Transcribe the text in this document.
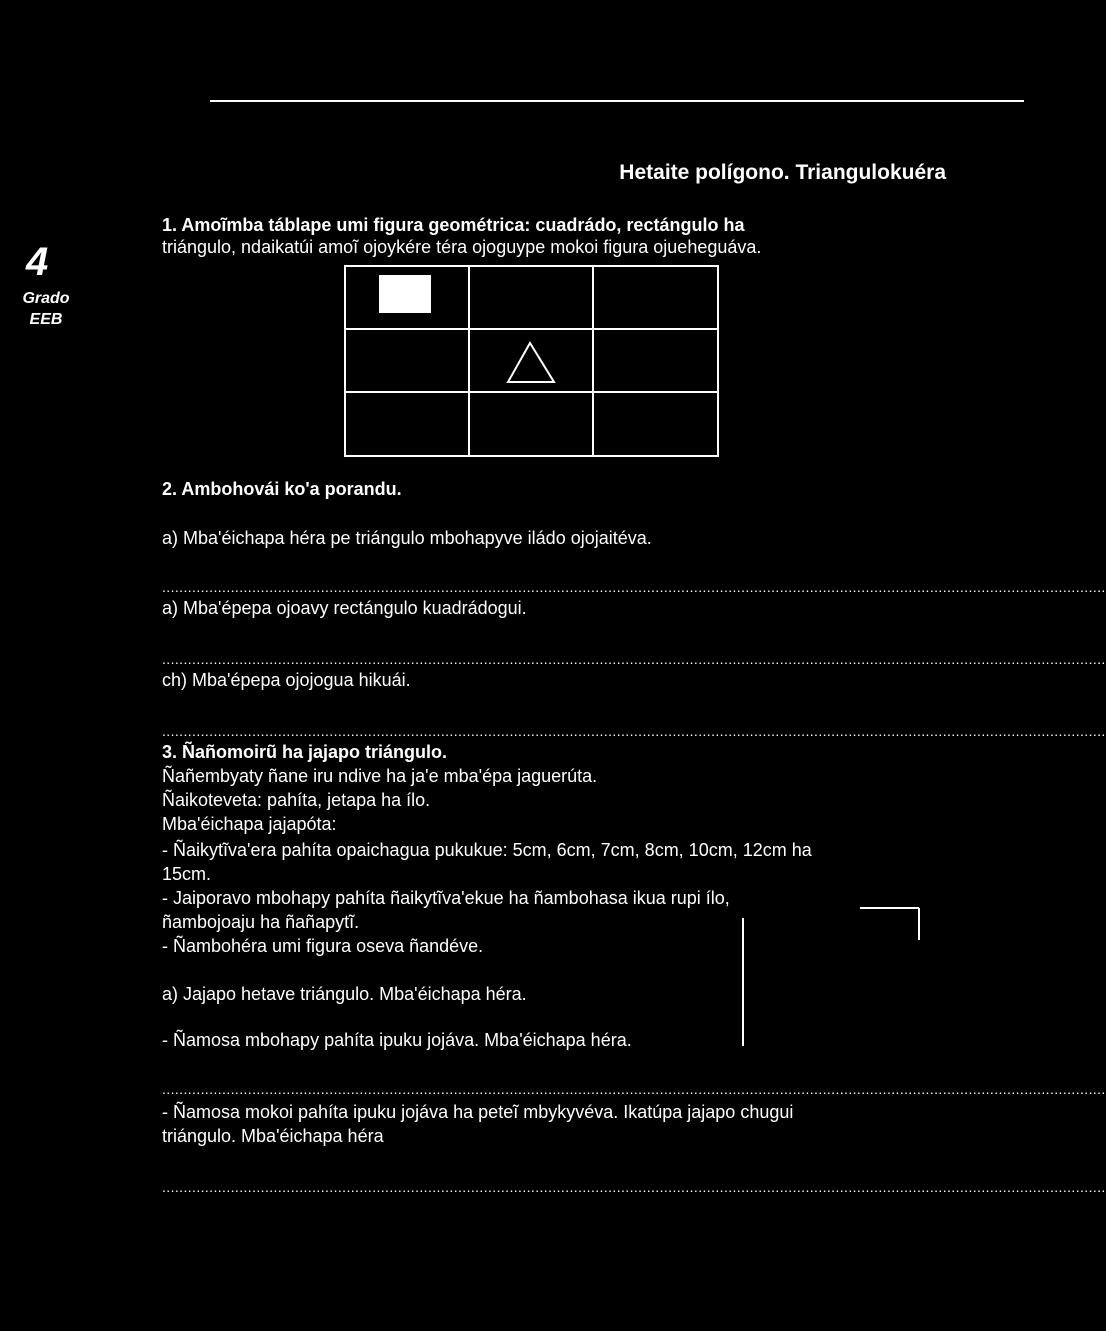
Hetaite polígono. Triangulokuéra
4
Grado
EEB
1. Amoĩmba táblape umi figura geométrica: cuadrádo, rectángulo ha
triángulo, ndaikatúi amoĩ ojoykére téra ojoguype mokoi figura ojueheguáva.
2. Ambohovái ko'a porandu.
a) Mba'éichapa héra pe triángulo mbohapyve iládo ojojaitéva.
............................................................................................................................................................................................................................
a) Mba'épepa ojoavy rectángulo kuadrádogui.
............................................................................................................................................................................................................................
ch) Mba'épepa ojojogua hikuái.
............................................................................................................................................................................................................................
3. Ñañomoirũ ha jajapo triángulo.
Ñañembyaty ñane iru ndive ha ja'e mba'épa jaguerúta.
Ñaikoteveta: pahíta, jetapa ha ílo.
Mba'éichapa jajapóta:
- Ñaikytĩva'era pahíta opaichagua pukukue: 5cm, 6cm, 7cm, 8cm, 10cm, 12cm ha
15cm.
- Jaiporavo mbohapy pahíta ñaikytĩva'ekue ha ñambohasa ikua rupi ílo,
ñambojoaju ha ñañapytĩ.
- Ñambohéra umi figura oseva ñandéve.
a) Jajapo hetave triángulo. Mba'éichapa héra.
- Ñamosa mbohapy pahíta ipuku jojáva. Mba'éichapa héra.
............................................................................................................................................................................................................................
- Ñamosa mokoi pahíta ipuku jojáva ha peteĩ mbykyvéva. Ikatúpa jajapo chugui
triángulo. Mba'éichapa héra
............................................................................................................................................................................................................................
